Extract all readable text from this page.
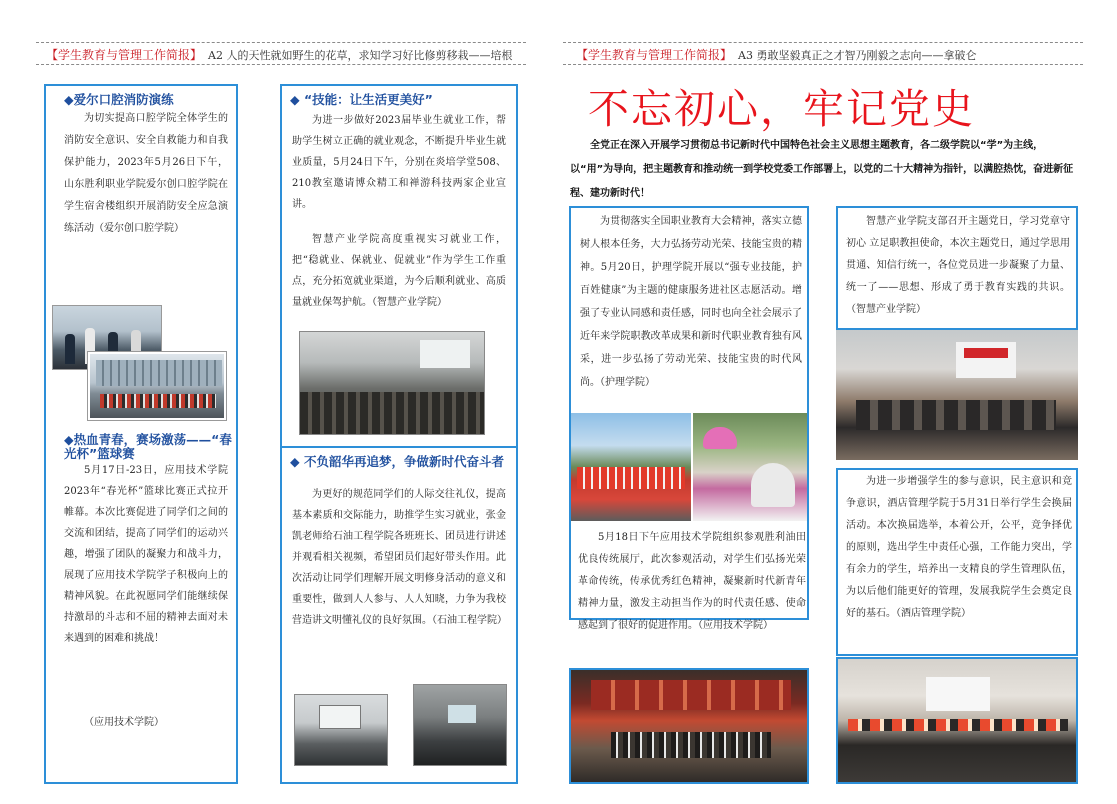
【学生教育与管理工作简报】 A2 人的天性就如野生的花草，求知学习好比修剪移栽——培根
◆爱尔口腔消防演练
为切实提高口腔学院全体学生的消防安全意识、安全自救能力和自我保护能力，2023年5月26日下午，山东胜利职业学院爱尔创口腔学院在学生宿舍楼组织开展消防安全应急演练活动（爱尔创口腔学院）
◆热血青春，赛场激荡——“春光杯”篮球赛
5月17日-23日，应用技术学院2023年“春光杯”篮球比赛正式拉开帷幕。本次比赛促进了同学们之间的交流和团结，提高了同学们的运动兴趣，增强了团队的凝聚力和战斗力，展现了应用技术学院学子积极向上的精神风貌。在此祝愿同学们能继续保持激昂的斗志和不屈的精神去面对未来遇到的困难和挑战！
（应用技术学院）
◆ “技能：让生活更美好”
为进一步做好2023届毕业生就业工作，帮助学生树立正确的就业观念，不断提升毕业生就业质量，5月24日下午，分别在炎培学堂508、210教室邀请博众精工和禅游科技两家企业宣讲。
智慧产业学院高度重视实习就业工作，把“稳就业、保就业、促就业”作为学生工作重点，充分拓宽就业渠道，为今后顺利就业、高质量就业保驾护航。（智慧产业学院）
◆ 不负韶华再追梦，争做新时代奋斗者
为更好的规范同学们的人际交往礼仪，提高基本素质和交际能力，助推学生实习就业，张金凯老师给石油工程学院各班班长、团员进行讲述并观看相关视频，希望团员们起好带头作用。此次活动让同学们理解开展文明修身活动的意义和重要性，做到人人参与、人人知晓，力争为我校营造讲文明懂礼仪的良好氛围。（石油工程学院）
【学生教育与管理工作简报】 A3 勇敢坚毅真正之才智乃刚毅之志向——拿破仑
不忘初心，牢记党史
全党正在深入开展学习贯彻总书记新时代中国特色社会主义思想主题教育，各二级学院以“学”为主线，以“用”为导向，把主题教育和推动统一到学校党委工作部署上，以党的二十大精神为指针，以满腔热忱，奋进新征程、建功新时代！
为贯彻落实全国职业教育大会精神，落实立德树人根本任务，大力弘扬劳动光荣、技能宝贵的精神。5月20日，护理学院开展以“强专业技能，护百姓健康”为主题的健康服务进社区志愿活动。增强了专业认同感和责任感，同时也向全社会展示了近年来学院职教改革成果和新时代职业教育独有风采，进一步弘扬了劳动光荣、技能宝贵的时代风尚。（护理学院）
智慧产业学院支部召开主题党日，学习党章守初心 立足职教担使命，本次主题党日，通过学思用贯通、知信行统一，各位党员进一步凝聚了力量、统一了——思想、形成了勇于教育实践的共识。（智慧产业学院）
5月18日下午应用技术学院组织参观胜利油田优良传统展厅，此次参观活动，对学生们弘扬光荣革命传统，传承优秀红色精神，凝聚新时代新青年精神力量，激发主动担当作为的时代责任感、使命感起到了很好的促进作用。（应用技术学院）
为进一步增强学生的参与意识，民主意识和竞争意识，酒店管理学院于5月31日举行学生会换届活动。本次换届选举，本着公开，公平，竞争择优的原则，选出学生中责任心强，工作能力突出，学有余力的学生，培养出一支精良的学生管理队伍，为以后他们能更好的管理，发展我院学生会奠定良好的基石。（酒店管理学院）
